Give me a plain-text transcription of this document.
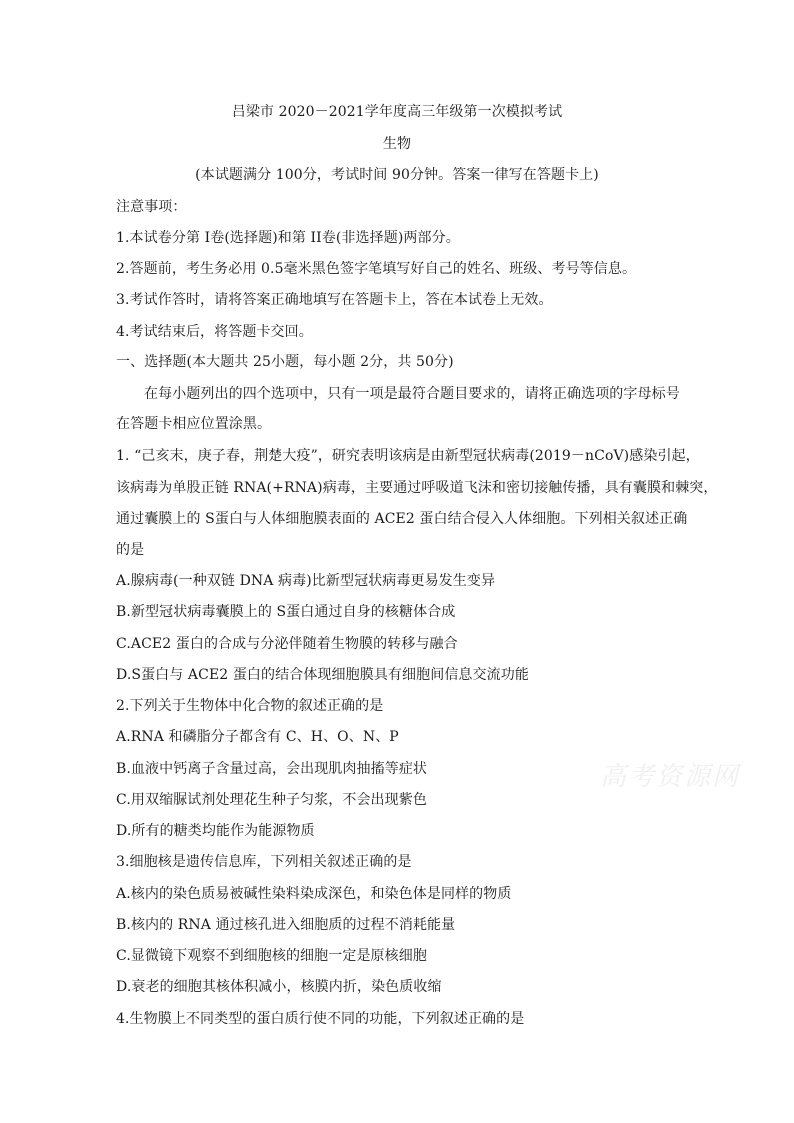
吕梁市 2020－2021学年度高三年级第一次模拟考试
生物
(本试题满分 100分，考试时间 90分钟。答案一律写在答题卡上)
注意事项：
1.本试卷分第 I卷(选择题)和第 II卷(非选择题)两部分。
2.答题前，考生务必用 0.5毫米黑色签字笔填写好自己的姓名、班级、考号等信息。
3.考试作答时，请将答案正确地填写在答题卡上，答在本试卷上无效。
4.考试结束后，将答题卡交回。
一、选择题(本大题共 25小题，每小题 2分，共 50分)
在每小题列出的四个选项中，只有一项是最符合题目要求的，请将正确选项的字母标号
在答题卡相应位置涂黑。
1. “己亥末，庚子春，荆楚大疫”，研究表明该病是由新型冠状病毒(2019－nCoV)感染引起，
该病毒为单股正链 RNA(+RNA)病毒，主要通过呼吸道飞沫和密切接触传播，具有囊膜和棘突，
通过囊膜上的 S蛋白与人体细胞膜表面的 ACE2 蛋白结合侵入人体细胞。下列相关叙述正确
的是
A.腺病毒(一种双链 DNA 病毒)比新型冠状病毒更易发生变异
B.新型冠状病毒囊膜上的 S蛋白通过自身的核糖体合成
C.ACE2 蛋白的合成与分泌伴随着生物膜的转移与融合
D.S蛋白与 ACE2 蛋白的结合体现细胞膜具有细胞间信息交流功能
2.下列关于生物体中化合物的叙述正确的是
A.RNA 和磷脂分子都含有 C、H、O、N、P
B.血液中钙离子含量过高，会出现肌肉抽搐等症状
C.用双缩脲试剂处理花生种子匀浆，不会出现紫色
D.所有的糖类均能作为能源物质
3.细胞核是遗传信息库，下列相关叙述正确的是
A.核内的染色质易被碱性染料染成深色，和染色体是同样的物质
B.核内的 RNA 通过核孔进入细胞质的过程不消耗能量
C.显微镜下观察不到细胞核的细胞一定是原核细胞
D.衰老的细胞其核体积减小，核膜内折，染色质收缩
4.生物膜上不同类型的蛋白质行使不同的功能，下列叙述正确的是
高考资源网
